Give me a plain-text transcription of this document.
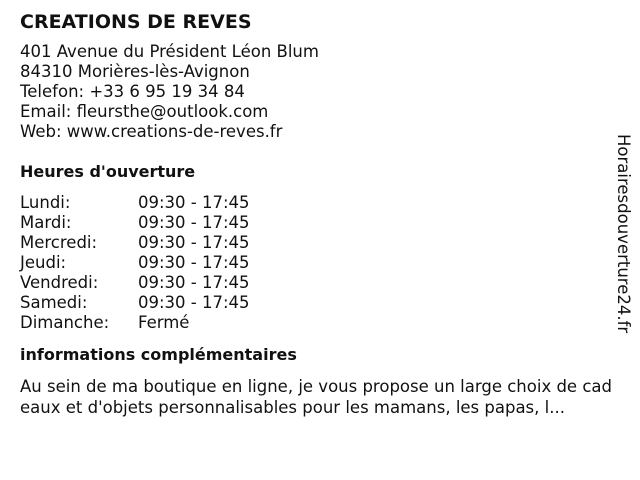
CREATIONS DE REVES
401 Avenue du Président Léon Blum
84310 Morières-lès-Avignon
Telefon: +33 6 95 19 34 84
Email: fleursthe@outlook.com
Web: www.creations-de-reves.fr
Heures d'ouverture
Lundi:	09:30 - 17:45
Mardi:	09:30 - 17:45
Mercredi:	09:30 - 17:45
Jeudi:	09:30 - 17:45
Vendredi:	09:30 - 17:45
Samedi:	09:30 - 17:45
Dimanche:	Fermé
informations complémentaires
Au sein de ma boutique en ligne, je vous propose un large choix de cadeaux et d'objets personnalisables pour les mamans, les papas, l...
Horairesdouverture24.fr
